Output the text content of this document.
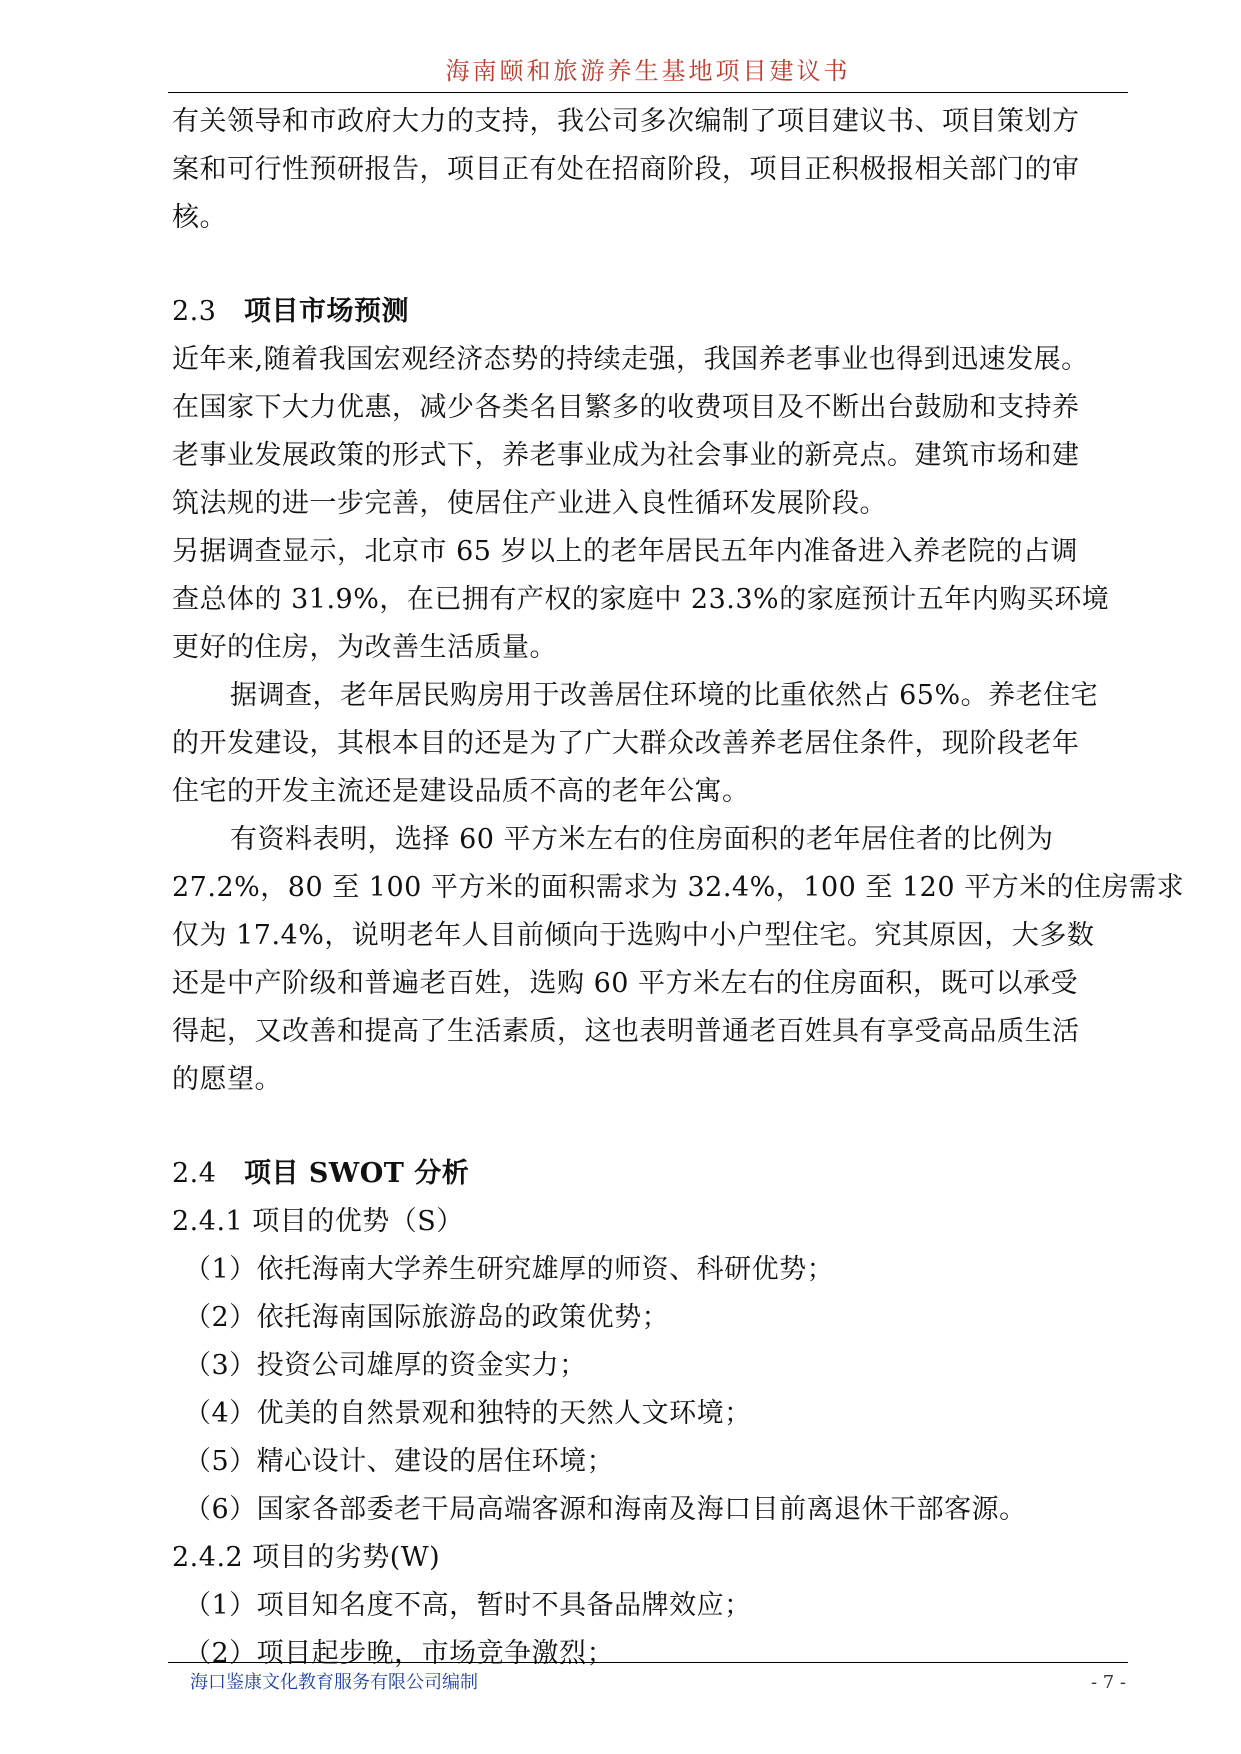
海南颐和旅游养生基地项目建议书
有关领导和市政府大力的支持，我公司多次编制了项目建议书、项目策划方
案和可行性预研报告，项目正有处在招商阶段，项目正积极报相关部门的审
核。
2.3 项目市场预测
近年来,随着我国宏观经济态势的持续走强，我国养老事业也得到迅速发展。
在国家下大力优惠，减少各类名目繁多的收费项目及不断出台鼓励和支持养
老事业发展政策的形式下，养老事业成为社会事业的新亮点。建筑市场和建
筑法规的进一步完善，使居住产业进入良性循环发展阶段。
另据调查显示，北京市 65 岁以上的老年居民五年内准备进入养老院的占调
查总体的 31.9%，在已拥有产权的家庭中 23.3%的家庭预计五年内购买环境
更好的住房，为改善生活质量。
据调查，老年居民购房用于改善居住环境的比重依然占 65%。养老住宅
的开发建设，其根本目的还是为了广大群众改善养老居住条件，现阶段老年
住宅的开发主流还是建设品质不高的老年公寓。
有资料表明，选择 60 平方米左右的住房面积的老年居住者的比例为
27.2%，80 至 100 平方米的面积需求为 32.4%，100 至 120 平方米的住房需求
仅为 17.4%，说明老年人目前倾向于选购中小户型住宅。究其原因，大多数
还是中产阶级和普遍老百姓，选购 60 平方米左右的住房面积，既可以承受
得起，又改善和提高了生活素质，这也表明普通老百姓具有享受高品质生活
的愿望。
2.4 项目 SWOT 分析
2.4.1 项目的优势（S）
（1）依托海南大学养生研究雄厚的师资、科研优势；
（2）依托海南国际旅游岛的政策优势；
（3）投资公司雄厚的资金实力；
（4）优美的自然景观和独特的天然人文环境；
（5）精心设计、建设的居住环境；
（6）国家各部委老干局高端客源和海南及海口目前离退休干部客源。
2.4.2 项目的劣势(W)
（1）项目知名度不高，暂时不具备品牌效应；
（2）项目起步晚，市场竞争激烈；
海口鉴康文化教育服务有限公司编制	- 7 -
